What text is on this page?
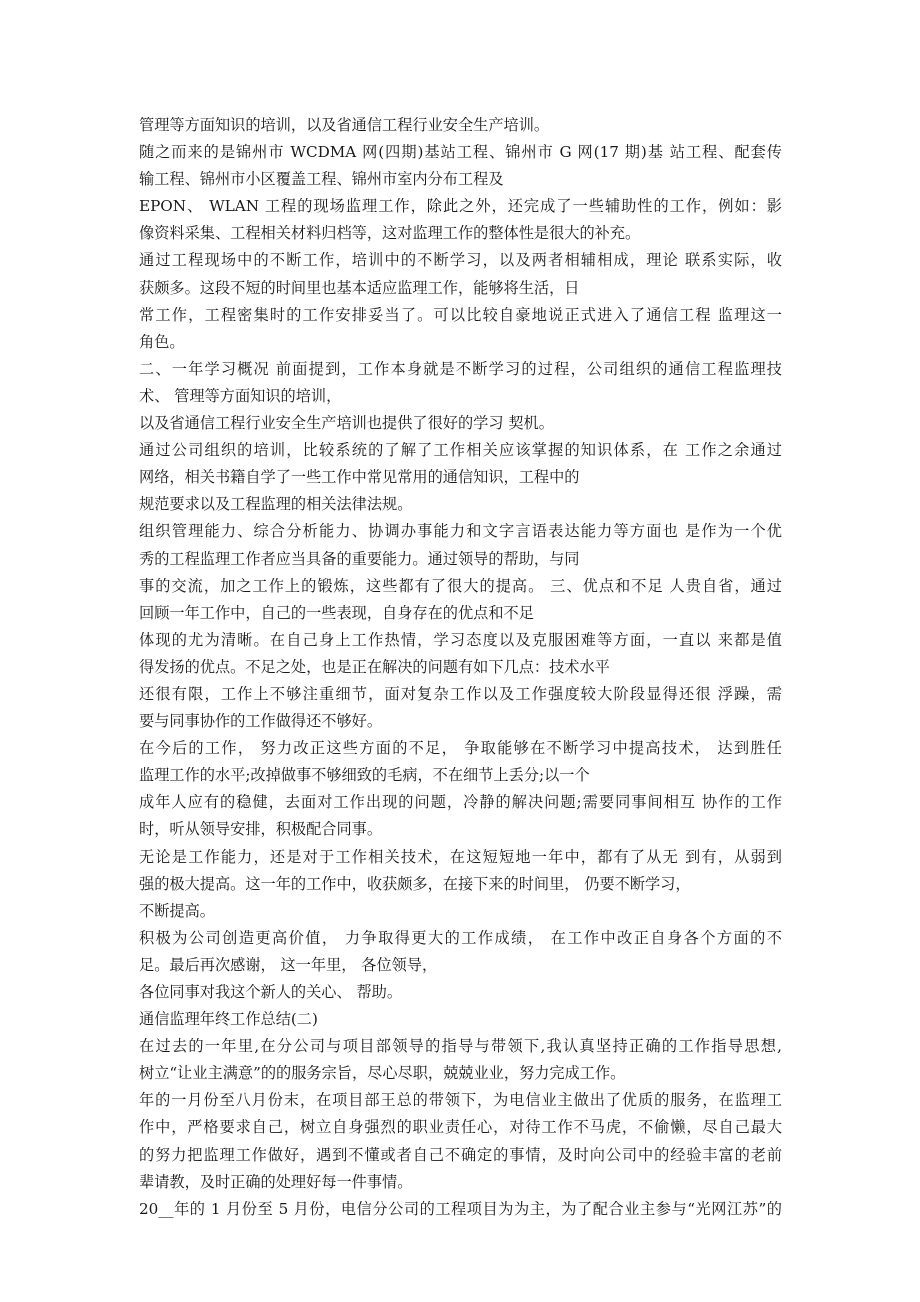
管理等方面知识的培训，以及省通信工程行业安全生产培训。
随之而来的是锦州市 WCDMA 网(四期)基站工程、锦州市 G 网(17 期)基 站工程、配套传
输工程、锦州市小区覆盖工程、锦州市室内分布工程及
EPON、 WLAN 工程的现场监理工作，除此之外，还完成了一些辅助性的工作，例如：影
像资料采集、工程相关材料归档等，这对监理工作的整体性是很大的补充。
通过工程现场中的不断工作，培训中的不断学习，以及两者相辅相成，理论 联系实际，收
获颇多。这段不短的时间里也基本适应监理工作，能够将生活，日
常工作，工程密集时的工作安排妥当了。可以比较自豪地说正式进入了通信工程 监理这一
角色。
二、一年学习概况 前面提到，工作本身就是不断学习的过程，公司组织的通信工程监理技
术、 管理等方面知识的培训，
以及省通信工程行业安全生产培训也提供了很好的学习 契机。
通过公司组织的培训，比较系统的了解了工作相关应该掌握的知识体系，在 工作之余通过
网络，相关书籍自学了一些工作中常见常用的通信知识，工程中的
规范要求以及工程监理的相关法律法规。
组织管理能力、综合分析能力、协调办事能力和文字言语表达能力等方面也 是作为一个优
秀的工程监理工作者应当具备的重要能力。通过领导的帮助，与同
事的交流，加之工作上的锻炼，这些都有了很大的提高。 三、优点和不足 人贵自省，通过
回顾一年工作中，自己的一些表现，自身存在的优点和不足
体现的尤为清晰。在自己身上工作热情，学习态度以及克服困难等方面，一直以 来都是值
得发扬的优点。不足之处，也是正在解决的问题有如下几点：技术水平
还很有限，工作上不够注重细节，面对复杂工作以及工作强度较大阶段显得还很 浮躁，需
要与同事协作的工作做得还不够好。
在今后的工作， 努力改正这些方面的不足， 争取能够在不断学习中提高技术， 达到胜任
监理工作的水平;改掉做事不够细致的毛病，不在细节上丢分;以一个
成年人应有的稳健，去面对工作出现的问题，冷静的解决问题;需要同事间相互 协作的工作
时，听从领导安排，积极配合同事。
无论是工作能力，还是对于工作相关技术，在这短短地一年中，都有了从无 到有，从弱到
强的极大提高。这一年的工作中，收获颇多，在接下来的时间里， 仍要不断学习，
不断提高。
积极为公司创造更高价值， 力争取得更大的工作成绩， 在工作中改正自身各个方面的不
足。最后再次感谢， 这一年里， 各位领导，
各位同事对我这个新人的关心、 帮助。
通信监理年终工作总结(二)
在过去的一年里,在分公司与项目部领导的指导与带领下,我认真坚持正确的工作指导思想,
树立“让业主满意”的的服务宗旨，尽心尽职，兢兢业业，努力完成工作。
年的一月份至八月份末，在项目部王总的带领下，为电信业主做出了优质的服务，在监理工
作中，严格要求自己，树立自身强烈的职业责任心，对待工作不马虎，不偷懒，尽自己最大
的努力把监理工作做好，遇到不懂或者自己不确定的事情，及时向公司中的经验丰富的老前
辈请教，及时正确的处理好每一件事情。
20__年的 1 月份至 5 月份，电信分公司的工程项目为为主，为了配合业主参与“光网江苏”的
